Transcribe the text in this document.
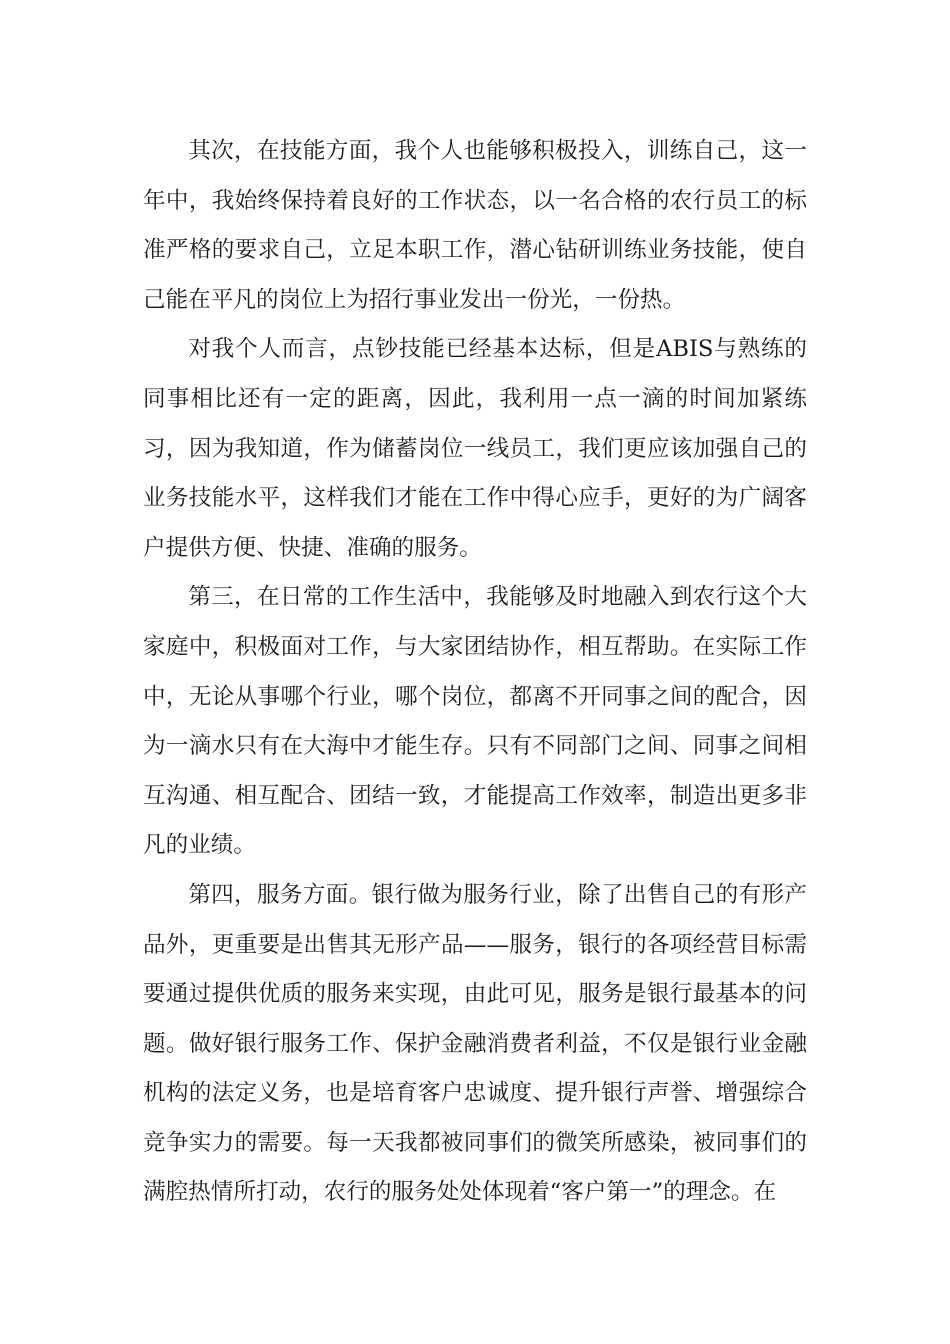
其次，在技能方面，我个人也能够积极投入，训练自己，这一年中，我始终保持着良好的工作状态，以一名合格的农行员工的标准严格的要求自己，立足本职工作，潜心钻研训练业务技能，使自己能在平凡的岗位上为招行事业发出一份光，一份热。

对我个人而言，点钞技能已经基本达标，但是ABIS与熟练的同事相比还有一定的距离，因此，我利用一点一滴的时间加紧练习，因为我知道，作为储蓄岗位一线员工，我们更应该加强自己的业务技能水平，这样我们才能在工作中得心应手，更好的为广阔客户提供方便、快捷、准确的服务。

第三，在日常的工作生活中，我能够及时地融入到农行这个大家庭中，积极面对工作，与大家团结协作，相互帮助。在实际工作中，无论从事哪个行业，哪个岗位，都离不开同事之间的配合，因为一滴水只有在大海中才能生存。只有不同部门之间、同事之间相互沟通、相互配合、团结一致，才能提高工作效率，制造出更多非凡的业绩。

第四，服务方面。银行做为服务行业，除了出售自己的有形产品外，更重要是出售其无形产品——服务，银行的各项经营目标需要通过提供优质的服务来实现，由此可见，服务是银行最基本的问题。做好银行服务工作、保护金融消费者利益，不仅是银行业金融机构的法定义务，也是培育客户忠诚度、提升银行声誉、增强综合竞争实力的需要。每一天我都被同事们的微笑所感染，被同事们的满腔热情所打动，农行的服务处处体现着“客户第一”的理念。在
